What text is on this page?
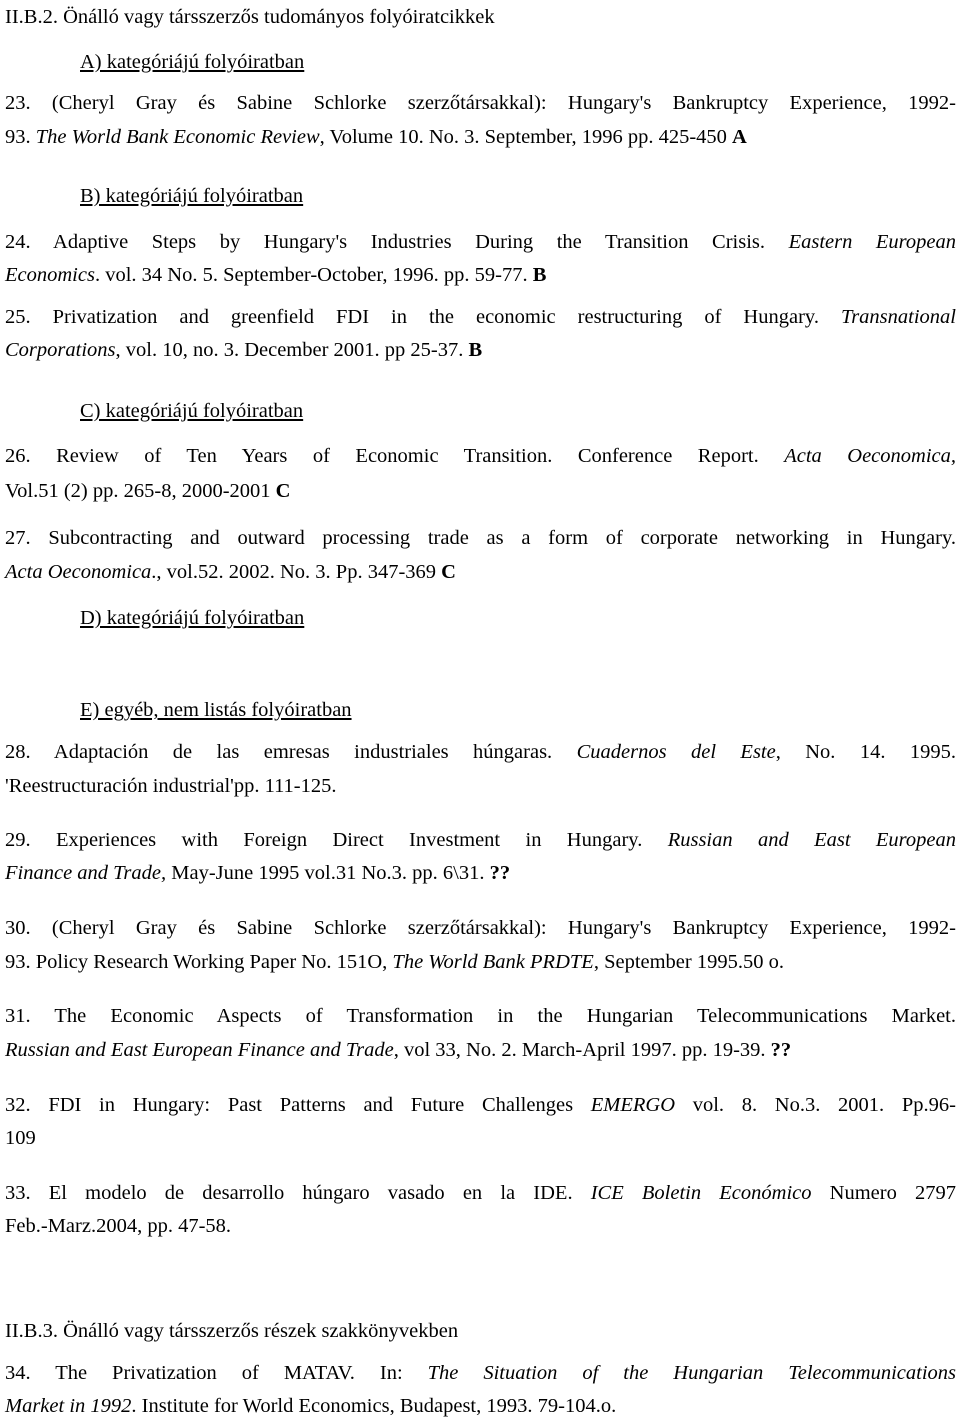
II.B.2. Önálló vagy társszerzős tudományos folyóiratcikkek
A) kategóriájú folyóiratban
23. (Cheryl Gray és Sabine Schlorke szerzőtársakkal): Hungary's Bankruptcy Experience, 1992-
93. The World Bank Economic Review, Volume 10. No. 3. September, 1996 pp. 425-450 A
B) kategóriájú folyóiratban
24. Adaptive Steps by Hungary's Industries During the Transition Crisis. Eastern European
Economics. vol. 34 No. 5. September-October, 1996. pp. 59-77. B
25. Privatization and greenfield FDI in the economic restructuring of Hungary. Transnational
Corporations, vol. 10, no. 3. December 2001. pp 25-37. B
C) kategóriájú folyóiratban
26. Review of Ten Years of Economic Transition. Conference Report. Acta Oeconomica,
Vol.51 (2) pp. 265-8, 2000-2001 C
27. Subcontracting and outward processing trade as a form of corporate networking in Hungary.
Acta Oeconomica., vol.52. 2002. No. 3. Pp. 347-369 C
D) kategóriájú folyóiratban
E) egyéb, nem listás folyóiratban
28. Adaptación de las emresas industriales húngaras. Cuadernos del Este, No. 14. 1995.
'Reestructuración industrial'pp. 111-125.
29. Experiences with Foreign Direct Investment in Hungary. Russian and East European
Finance and Trade, May-June 1995 vol.31 No.3. pp. 6\31. ??
30. (Cheryl Gray és Sabine Schlorke szerzőtársakkal): Hungary's Bankruptcy Experience, 1992-
93. Policy Research Working Paper No. 151O, The World Bank PRDTE, September 1995.50 o.
31. The Economic Aspects of Transformation in the Hungarian Telecommunications Market.
Russian and East European Finance and Trade, vol 33, No. 2. March-April 1997. pp. 19-39. ??
32. FDI in Hungary: Past Patterns and Future Challenges EMERGO vol. 8. No.3. 2001. Pp.96-
109
33. El modelo de desarrollo húngaro vasado en la IDE. ICE Boletin Económico Numero 2797
Feb.-Marz.2004, pp. 47-58.
II.B.3. Önálló vagy társszerzős részek szakkönyvekben
34. The Privatization of MATAV. In: The Situation of the Hungarian Telecommunications
Market in 1992. Institute for World Economics, Budapest, 1993. 79-104.o.
